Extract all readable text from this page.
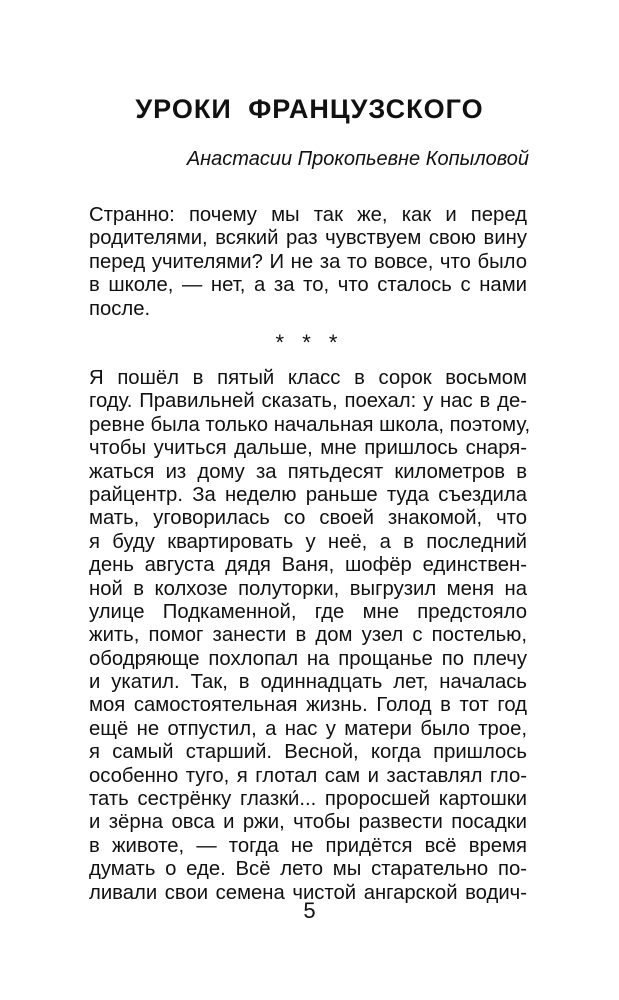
УРОКИ ФРАНЦУЗСКОГО
Анастасии Прокопьевне Копыловой
Странно: почему мы так же, как и перед
родителями, всякий раз чувствуем свою вину
перед учителями? И не за то вовсе, что было
в школе, — нет, а за то, что сталось с нами
после.
* * *
Я пошёл в пятый класс в сорок восьмом
году. Правильней сказать, поехал: у нас в де-
ревне была только начальная школа, поэтому,
чтобы учиться дальше, мне пришлось снаря-
жаться из дому за пятьдесят километров в
райцентр. За неделю раньше туда съездила
мать, уговорилась со своей знакомой, что
я буду квартировать у неё, а в последний
день августа дядя Ваня, шофёр единствен-
ной в колхозе полуторки, выгрузил меня на
улице Подкаменной, где мне предстояло
жить, помог занести в дом узел с постелью,
ободряюще похлопал на прощанье по плечу
и укатил. Так, в одиннадцать лет, началась
моя самостоятельная жизнь. Голод в тот год
ещё не отпустил, а нас у матери было трое,
я самый старший. Весной, когда пришлось
особенно туго, я глотал сам и заставлял гло-
тать сестрёнку глазки́... проросшей картошки
и зёрна овса и ржи, чтобы развести посадки
в животе, — тогда не придётся всё время
думать о еде. Всё лето мы старательно по-
ливали свои семена чистой ангарской водич-
5
